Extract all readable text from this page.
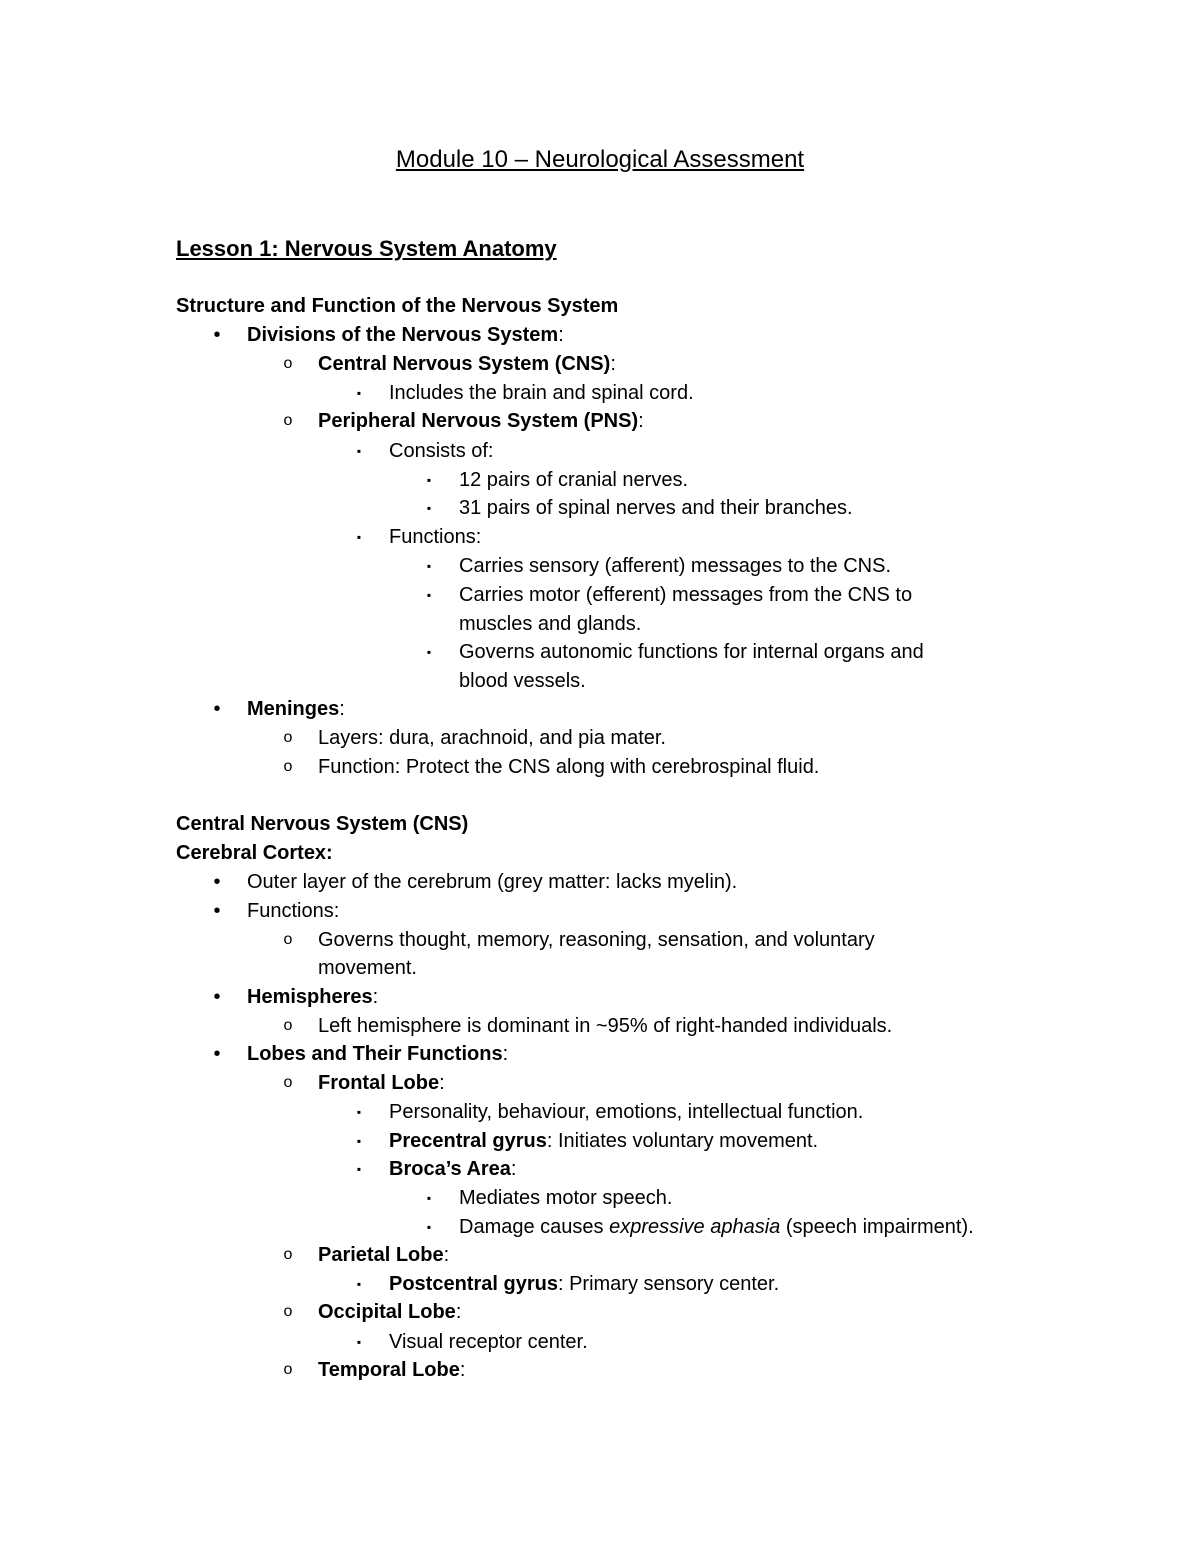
Module 10 – Neurological Assessment
Lesson 1: Nervous System Anatomy
Structure and Function of the Nervous System
• Divisions of the Nervous System:
o Central Nervous System (CNS):
▪ Includes the brain and spinal cord.
o Peripheral Nervous System (PNS):
▪ Consists of:
▪ 12 pairs of cranial nerves.
▪ 31 pairs of spinal nerves and their branches.
▪ Functions:
▪ Carries sensory (afferent) messages to the CNS.
▪ Carries motor (efferent) messages from the CNS to
muscles and glands.
▪ Governs autonomic functions for internal organs and
blood vessels.
• Meninges:
o Layers: dura, arachnoid, and pia mater.
o Function: Protect the CNS along with cerebrospinal fluid.
Central Nervous System (CNS)
Cerebral Cortex:
• Outer layer of the cerebrum (grey matter: lacks myelin).
• Functions:
o Governs thought, memory, reasoning, sensation, and voluntary
movement.
• Hemispheres:
o Left hemisphere is dominant in ~95% of right-handed individuals.
• Lobes and Their Functions:
o Frontal Lobe:
▪ Personality, behaviour, emotions, intellectual function.
▪ Precentral gyrus: Initiates voluntary movement.
▪ Broca’s Area:
▪ Mediates motor speech.
▪ Damage causes expressive aphasia (speech impairment).
o Parietal Lobe:
▪ Postcentral gyrus: Primary sensory center.
o Occipital Lobe:
▪ Visual receptor center.
o Temporal Lobe:
